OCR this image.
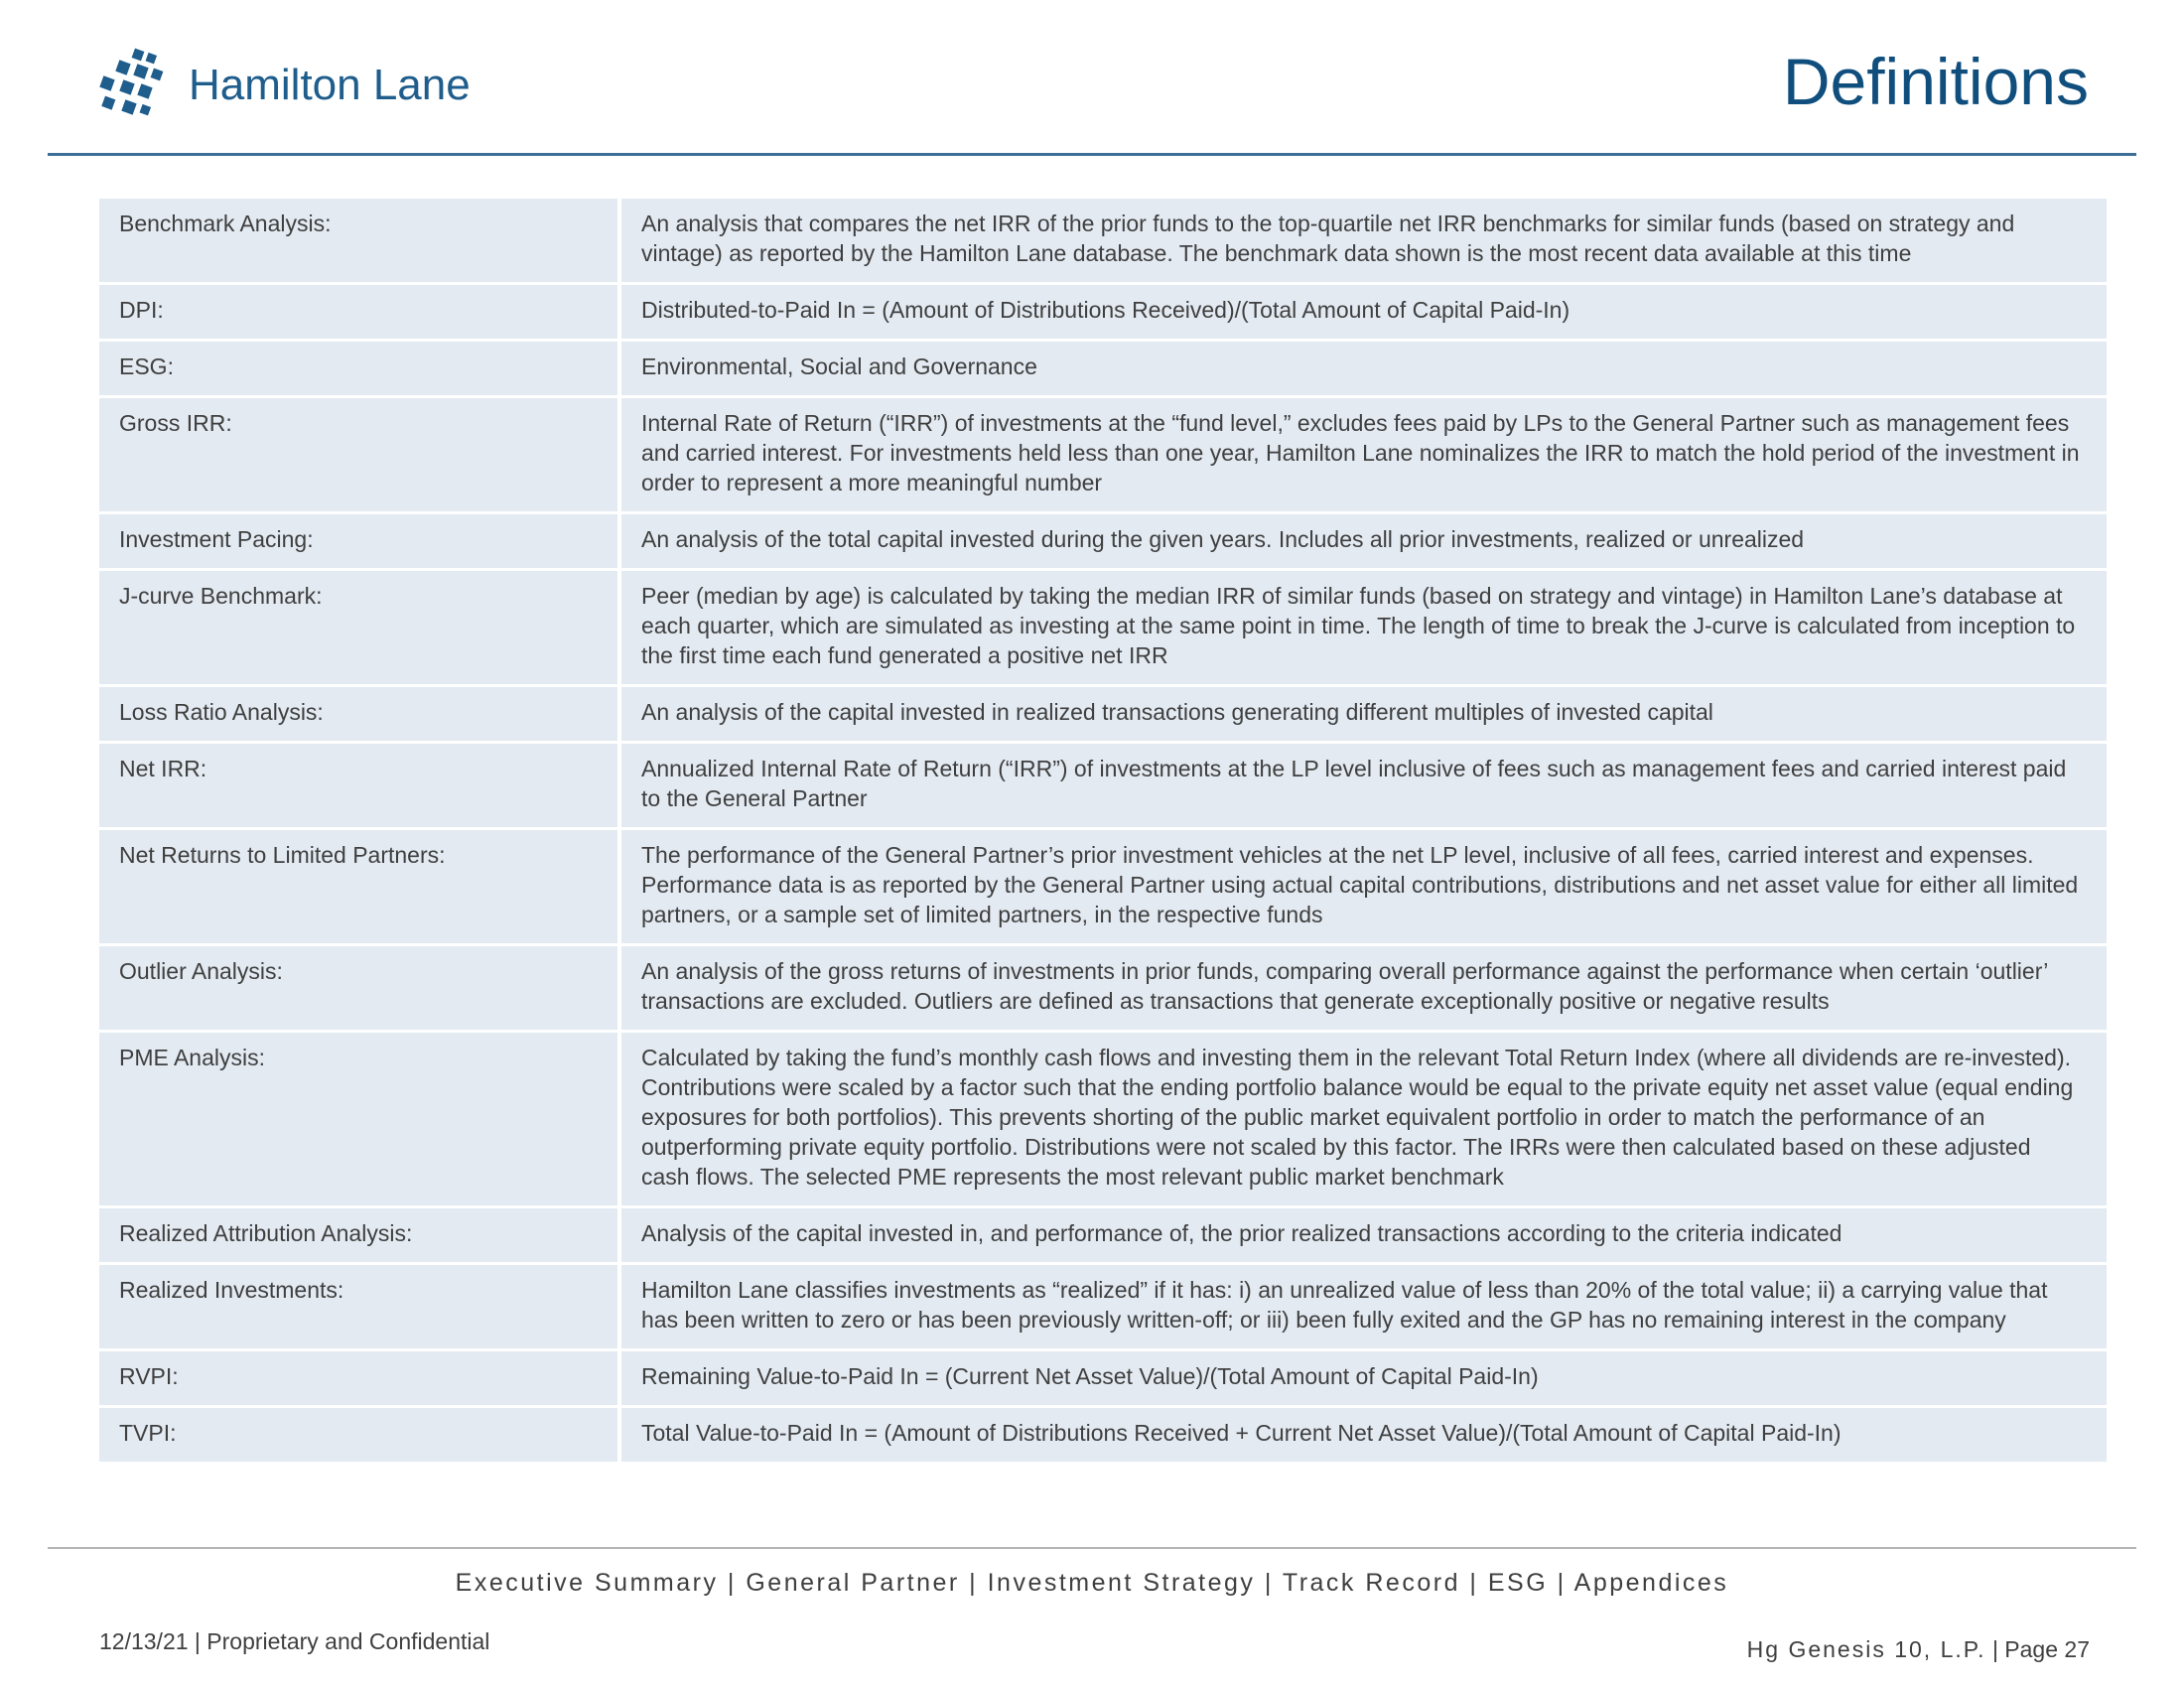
Hamilton Lane	Definitions
Benchmark Analysis:	An analysis that compares the net IRR of the prior funds to the top-quartile net IRR benchmarks for similar funds (based on strategy and vintage) as reported by the Hamilton Lane database. The benchmark data shown is the most recent data available at this time
DPI:	Distributed-to-Paid In = (Amount of Distributions Received)/(Total Amount of Capital Paid-In)
ESG:	Environmental, Social and Governance
Gross IRR:	Internal Rate of Return (“IRR”) of investments at the “fund level,” excludes fees paid by LPs to the General Partner such as management fees and carried interest. For investments held less than one year, Hamilton Lane nominalizes the IRR to match the hold period of the investment in order to represent a more meaningful number
Investment Pacing:	An analysis of the total capital invested during the given years. Includes all prior investments, realized or unrealized
J-curve Benchmark:	Peer (median by age) is calculated by taking the median IRR of similar funds (based on strategy and vintage) in Hamilton Lane’s database at each quarter, which are simulated as investing at the same point in time. The length of time to break the J-curve is calculated from inception to the first time each fund generated a positive net IRR
Loss Ratio Analysis:	An analysis of the capital invested in realized transactions generating different multiples of invested capital
Net IRR:	Annualized Internal Rate of Return (“IRR”) of investments at the LP level inclusive of fees such as management fees and carried interest paid to the General Partner
Net Returns to Limited Partners:	The performance of the General Partner’s prior investment vehicles at the net LP level, inclusive of all fees, carried interest and expenses. Performance data is as reported by the General Partner using actual capital contributions, distributions and net asset value for either all limited partners, or a sample set of limited partners, in the respective funds
Outlier Analysis:	An analysis of the gross returns of investments in prior funds, comparing overall performance against the performance when certain ‘outlier’ transactions are excluded. Outliers are defined as transactions that generate exceptionally positive or negative results
PME Analysis:	Calculated by taking the fund’s monthly cash flows and investing them in the relevant Total Return Index (where all dividends are re-invested). Contributions were scaled by a factor such that the ending portfolio balance would be equal to the private equity net asset value (equal ending exposures for both portfolios). This prevents shorting of the public market equivalent portfolio in order to match the performance of an outperforming private equity portfolio. Distributions were not scaled by this factor. The IRRs were then calculated based on these adjusted cash flows. The selected PME represents the most relevant public market benchmark
Realized Attribution Analysis:	Analysis of the capital invested in, and performance of, the prior realized transactions according to the criteria indicated
Realized Investments:	Hamilton Lane classifies investments as “realized” if it has: i) an unrealized value of less than 20% of the total value; ii) a carrying value that has been written to zero or has been previously written-off; or iii) been fully exited and the GP has no remaining interest in the company
RVPI:	Remaining Value-to-Paid In = (Current Net Asset Value)/(Total Amount of Capital Paid-In)
TVPI:	Total Value-to-Paid In = (Amount of Distributions Received + Current Net Asset Value)/(Total Amount of Capital Paid-In)
Executive Summary | General Partner | Investment Strategy | Track Record | ESG | Appendices
12/13/21 | Proprietary and Confidential	Hg Genesis 10, L.P. | Page 27
